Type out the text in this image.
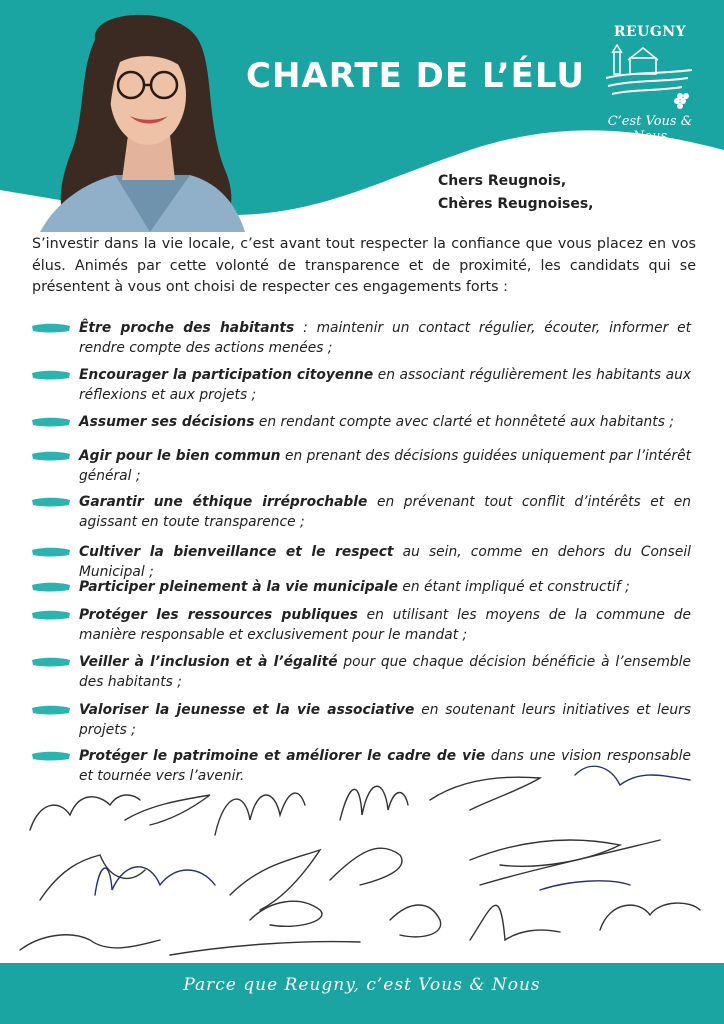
CHARTE DE L’ÉLU
REUGNY
C’est Vous & Nous
Chers Reugnois,
Chères Reugnoises,
S’investir dans la vie locale, c’est avant tout respecter la confiance que vous placez en vos élus. Animés par cette volonté de transparence et de proximité, les candidats qui se présentent à vous ont choisi de respecter ces engagements forts :
Être proche des habitants : maintenir un contact régulier, écouter, informer et rendre compte des actions menées ;
Encourager la participation citoyenne en associant régulièrement les habitants aux réflexions et aux projets ;
Assumer ses décisions en rendant compte avec clarté et honnêteté aux habitants ;
Agir pour le bien commun en prenant des décisions guidées uniquement par l’intérêt général ;
Garantir une éthique irréprochable en prévenant tout conflit d’intérêts et en agissant en toute transparence ;
Cultiver la bienveillance et le respect au sein, comme en dehors du Conseil Municipal ;
Participer pleinement à la vie municipale en étant impliqué et constructif ;
Protéger les ressources publiques en utilisant les moyens de la commune de manière responsable et exclusivement pour le mandat ;
Veiller à l’inclusion et à l’égalité pour que chaque décision bénéficie à l’ensemble des habitants ;
Valoriser la jeunesse et la vie associative en soutenant leurs initiatives et leurs projets ;
Protéger le patrimoine et améliorer le cadre de vie dans une vision responsable et tournée vers l’avenir.
Parce que Reugny, c’est Vous & Nous
